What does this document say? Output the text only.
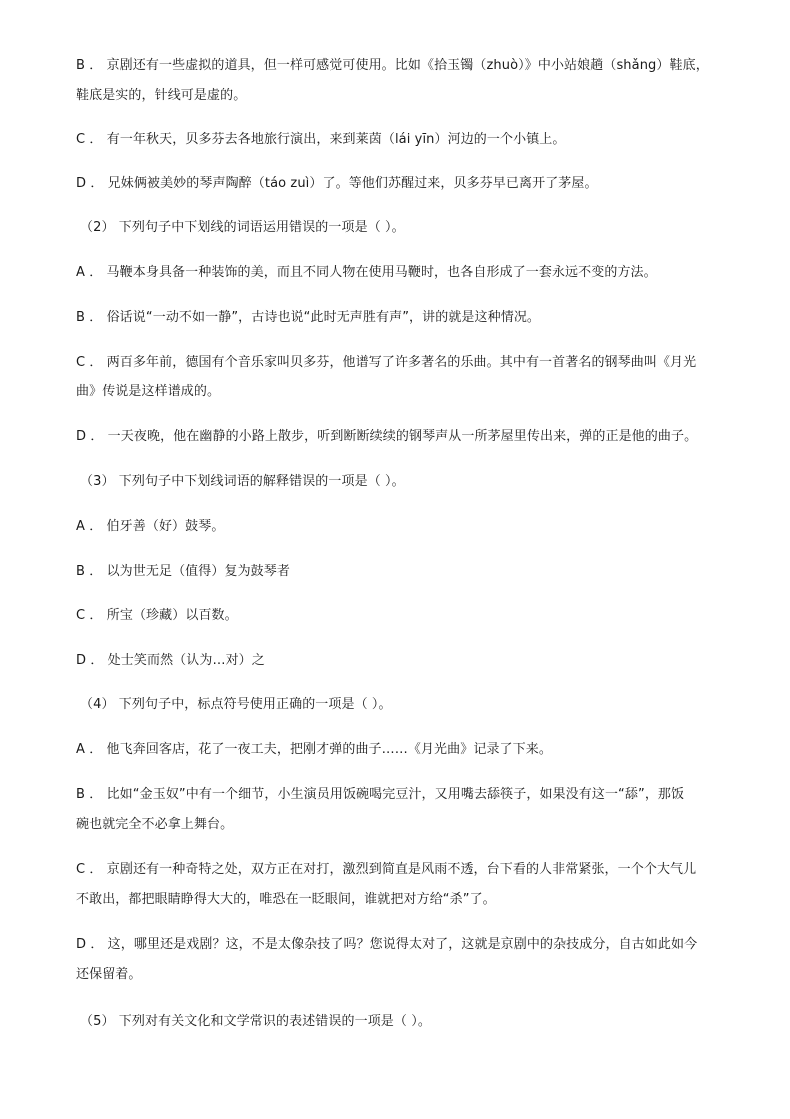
B ． 京剧还有一些虚拟的道具，但一样可感觉可使用。比如《拾玉镯（zhuò）》中小站娘趟（shǎng）鞋底，
鞋底是实的，针线可是虚的。
C ． 有一年秋天，贝多芬去各地旅行演出，来到莱茵（lái yīn）河边的一个小镇上。
D ． 兄妹俩被美妙的琴声陶醉（táo zuì）了。等他们苏醒过来，贝多芬早已离开了茅屋。
（2） 下列句子中下划线的词语运用错误的一项是（ ）。
A ． 马鞭本身具备一种装饰的美，而且不同人物在使用马鞭时，也各自形成了一套永远不变的方法。
B ． 俗话说“一动不如一静”，古诗也说“此时无声胜有声”，讲的就是这种情况。
C ． 两百多年前，德国有个音乐家叫贝多芬，他谱写了许多著名的乐曲。其中有一首著名的钢琴曲叫《月光
曲》传说是这样谱成的。
D ． 一天夜晚，他在幽静的小路上散步，听到断断续续的钢琴声从一所茅屋里传出来，弹的正是他的曲子。
（3） 下列句子中下划线词语的解释错误的一项是（ ）。
A ． 伯牙善（好）鼓琴。
B ． 以为世无足（值得）复为鼓琴者
C ． 所宝（珍藏）以百数。
D ． 处士笑而然（认为…对）之
（4） 下列句子中，标点符号使用正确的一项是（ ）。
A ． 他飞奔回客店，花了一夜工夫，把刚才弹的曲子……《月光曲》记录了下来。
B ． 比如“金玉奴”中有一个细节，小生演员用饭碗喝完豆汁，又用嘴去舔筷子，如果没有这一“舔”，那饭
碗也就完全不必拿上舞台。
C ． 京剧还有一种奇特之处，双方正在对打，激烈到简直是风雨不透，台下看的人非常紧张，一个个大气儿
不敢出，都把眼睛睁得大大的，唯恐在一眨眼间，谁就把对方给“杀”了。
D ． 这，哪里还是戏剧？这，不是太像杂技了吗？您说得太对了，这就是京剧中的杂技成分，自古如此如今
还保留着。
（5） 下列对有关文化和文学常识的表述错误的一项是（ ）。
